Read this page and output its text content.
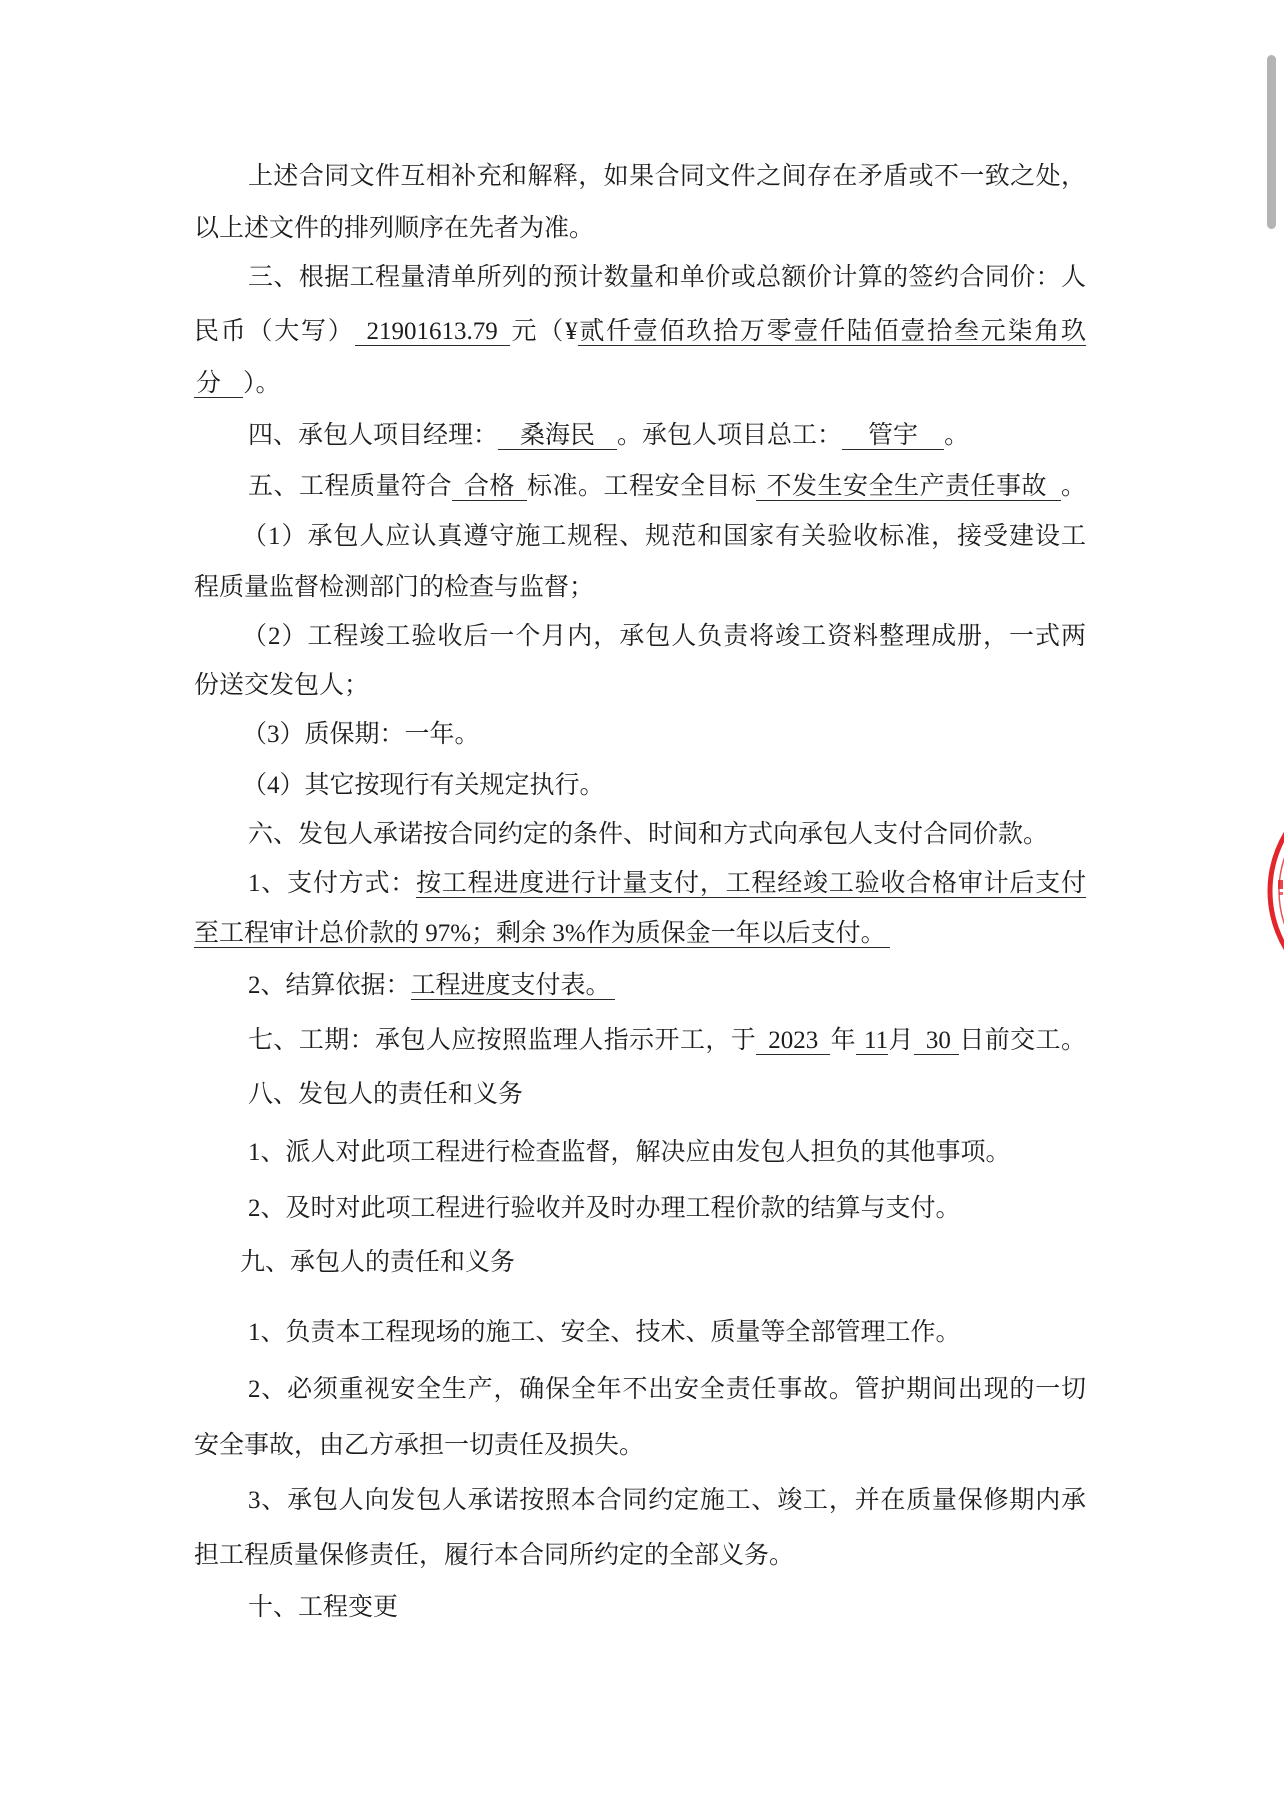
上述合同文件互相补充和解释，如果合同文件之间存在矛盾或不一致之处，
以上述文件的排列顺序在先者为准。
三、根据工程量清单所列的预计数量和单价或总额价计算的签约合同价：人
民币（大写） 21901613.79 元（¥贰仟壹佰玖拾万零壹仟陆佰壹拾叁元柒角玖
分 ）。
四、承包人项目经理： 桑海民 。承包人项目总工： 管宇 。
五、工程质量符合 合格 标准。工程安全目标 不发生安全生产责任事故 。
（1）承包人应认真遵守施工规程、规范和国家有关验收标准，接受建设工
程质量监督检测部门的检查与监督；
（2）工程竣工验收后一个月内，承包人负责将竣工资料整理成册，一式两
份送交发包人；
（3）质保期：一年。
（4）其它按现行有关规定执行。
六、发包人承诺按合同约定的条件、时间和方式向承包人支付合同价款。
1、支付方式：按工程进度进行计量支付，工程经竣工验收合格审计后支付
至工程审计总价款的 97%；剩余 3%作为质保金一年以后支付。
2、结算依据：工程进度支付表。
七、工期：承包人应按照监理人指示开工，于 2023 年 11月 30 日前交工。
八、发包人的责任和义务
1、派人对此项工程进行检查监督，解决应由发包人担负的其他事项。
2、及时对此项工程进行验收并及时办理工程价款的结算与支付。
九、承包人的责任和义务
1、负责本工程现场的施工、安全、技术、质量等全部管理工作。
2、必须重视安全生产，确保全年不出安全责任事故。管护期间出现的一切
安全事故，由乙方承担一切责任及损失。
3、承包人向发包人承诺按照本合同约定施工、竣工，并在质量保修期内承
担工程质量保修责任，履行本合同所约定的全部义务。
十、工程变更
